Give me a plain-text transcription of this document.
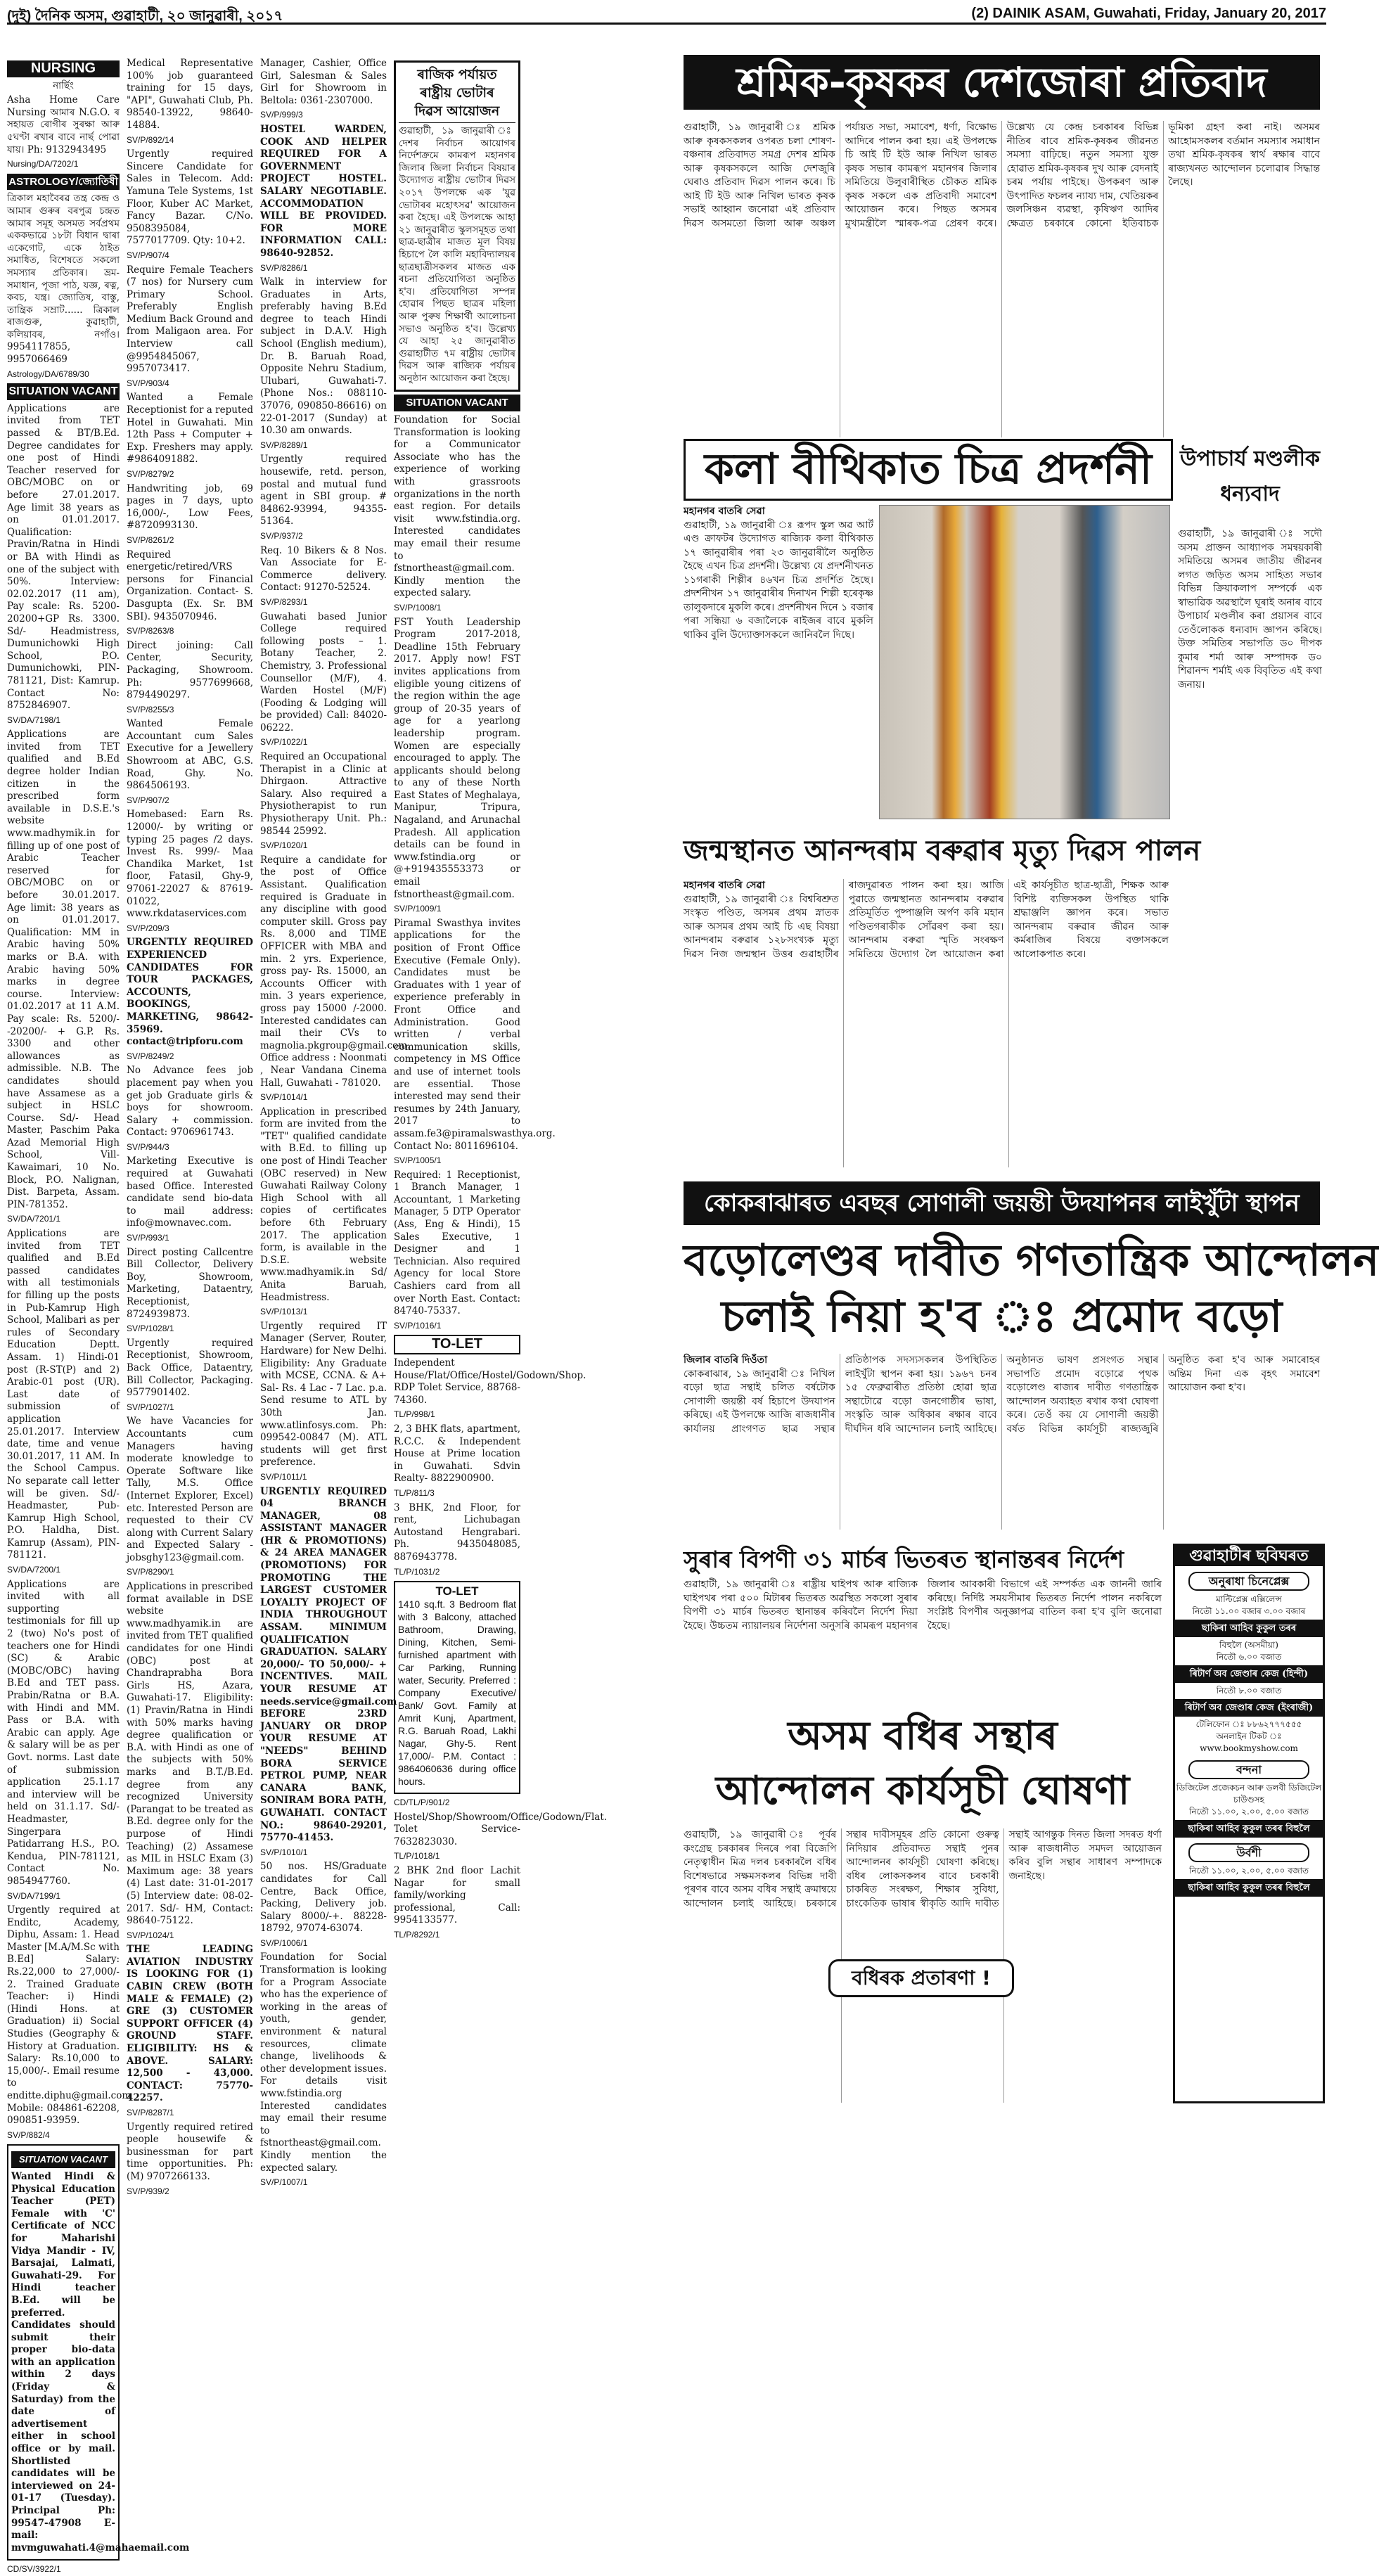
(দুই) দৈনিক অসম, গুৱাহাটী, ২০ জানুৱাৰী, ২০১৭	(2) DAINIK ASAM, Guwahati, Friday, January 20, 2017
NURSING

নাৰ্ছিং

Asha Home Care Nursing আমাৰ N.G.O. ৰ সহায়ত ৰোগীৰ সুৰক্ষা আৰু ৫ঘণ্টা ৰখাৰ বাবে নাৰ্ছ পোৱা যায়। Ph: 9132943495

Nursing/DA/7202/1

ASTROLOGY/জ্যোতিষী

ত্ৰিকাল মহাবৈৰৱ তন্ত্ৰ কেন্দ্ৰ ও আমাৰ গুৰুৰ বৰপুত্ৰ চন্দ্ৰত আমাৰ সমূহ অসমত সৰ্বপ্ৰথম এককভাৱে ১৮টা বিধান দ্বাৰা একেগোট, একে ঠাইত সমাধিত, বিশেষতে সকলো সমস্যাৰ প্ৰতিকাৰ। ভ্ৰম-সমাধান, পূজা পাঠ, যজ্ঞ, ৰত্ন, কবচ, যন্ত্ৰ। জ্যোতিষ, বাস্তু, তান্ত্ৰিক সম্ৰাট...... ত্ৰিকাল ৰাজগুৰু, কুৱাহাটী, কলিয়াবৰ, নগাঁও। 9954117855, 9957066469

Astrology/DA/6789/30

SITUATION VACANT

Applications are invited from TET passed & BT/B.Ed. Degree candidates for one post of Hindi Teacher reserved for OBC/MOBC on or before 27.01.2017. Age limit 38 years as on 01.01.2017. Qualification: Pravin/Ratna in Hindi or BA with Hindi as one of the subject with 50%. Interview: 02.02.2017 (11 am), Pay scale: Rs. 5200-20200+GP Rs. 3300. Sd/- Headmistress, Dumunichowki High School, P.O. Dumunichowki, PIN-781121, Dist: Kamrup. Contact No: 8752846907.

SV/DA/7198/1

Applications are invited from TET qualified and B.Ed degree holder Indian citizen in the prescribed form available in D.S.E.'s website www.madhymik.in for filling up of one post of Arabic Teacher reserved for OBC/MOBC on or before 30.01.2017. Age limit: 38 years as on 01.01.2017. Qualification: MM in Arabic having 50% marks or B.A. with Arabic having 50% marks in degree course. Interview: 01.02.2017 at 11 A.M. Pay scale: Rs. 5200/- -20200/- + G.P. Rs. 3300 and other allowances as admissible. N.B. The candidates should have Assamese as a subject in HSLC Course. Sd/- Head Master, Paschim Paka Azad Memorial High School, Vill- Kawaimari, 10 No. Block, P.O. Nalignan, Dist. Barpeta, Assam. PIN-781352.

SV/DA/7201/1

Applications are invited from TET qualified and B.Ed passed candidates with all testimonials for filling up the posts in Pub-Kamrup High School, Malibari as per rules of Secondary Education Deptt. Assam. 1) Hindi-01 post (R-ST(P) and 2) Arabic-01 post (UR). Last date of submission of application 25.01.2017. Interview date, time and venue 30.01.2017, 11 AM. In the School Campus. No separate call letter will be given. Sd/- Headmaster, Pub-Kamrup High School, P.O. Haldha, Dist. Kamrup (Assam), PIN-781121.

SV/DA/7200/1

Applications are invited with all supporting testimonials for fill up 2 (two) No's post of teachers one for Hindi (SC) & Arabic (MOBC/OBC) having B.Ed and TET pass. Prabin/Ratna or B.A. with Hindi and MM. Pass or B.A. with Arabic can apply. Age & salary will be as per Govt. norms. Last date of submission application 25.1.17 and interview will be held on 31.1.17. Sd/- Headmaster, Singerpara Patidarrang H.S., P.O. Kendua, PIN-781121, Contact No. 9854947760.

SV/DA/7199/1

Urgently required at Enditc, Academy, Diphu, Assam: 1. Head Master [M.A/M.Sc with B.Ed] Salary: Rs.22,000 to 27,000/- 2. Trained Graduate Teacher: i) Hindi (Hindi Hons. at Graduation) ii) Social Studies (Geography & History at Graduation. Salary: Rs.10,000 to 15,000/-. Email resume to enditte.diphu@gmail.com Mobile: 084861-62208, 090851-93959.

SV/P/882/4

SITUATION VACANT

Wanted Hindi & Physical Education Teacher (PET) Female with 'C' Certificate of NCC for Maharishi Vidya Mandir - IV, Barsajai, Lalmati, Guwahati-29. For Hindi teacher B.Ed. will be preferred. Candidates should submit their proper bio-data with an application within 2 days (Friday & Saturday) from the date of advertisement either in school office or by mail. Shortlisted candidates will be interviewed on 24-01-17 (Tuesday). Principal Ph: 99547-47908 E-mail: mvmguwahati.4@mahaemail.com

CD/SV/3922/1

Medical Representative 100% job guaranteed training for 15 days, "API", Guwahati Club, Ph. 98540-13922, 98640-14884.

SV/P/892/14

Urgently required Sincere Candidate for Sales in Telecom. Add: Yamuna Tele Systems, 1st Floor, Kuber AC Market, Fancy Bazar. C/No. 9508395084, 7577017709. Qty: 10+2.

SV/P/907/4

Require Female Teachers (7 nos) for Nursery cum Primary School. Preferably English Medium Back Ground and from Maligaon area. For Interview call @9954845067, 9957073417.

SV/P/903/4

Wanted a Female Receptionist for a reputed Hotel in Guwahati. Min 12th Pass + Computer + Exp. Freshers may apply. #9864091882.

SV/P/8279/2

Handwriting job, 69 pages in 7 days, upto 16,000/-, Low Fees, #8720993130.

SV/P/8261/2

Required energetic/retired/VRS persons for Financial Organization. Contact- S. Dasgupta (Ex. Sr. BM SBI). 9435070946.

SV/P/8263/8

Direct joining: Call Center, Security, Packaging, Showroom. Ph: 9577699668, 8794490297.

SV/P/8255/3

Wanted Female Accountant cum Sales Executive for a Jewellery Showroom at ABC, G.S. Road, Ghy. No. 9864506193.

SV/P/907/2

Homebased: Earn Rs. 12000/- by writing or typing 25 pages /2 days. Invest Rs. 999/- Maa Chandika Market, 1st floor, Fatasil, Ghy-9, 97061-22027 & 87619-01022, www.rkdataservices.com

SV/P/209/3

URGENTLY REQUIRED EXPERIENCED CANDIDATES FOR TOUR PACKAGES, ACCOUNTS, BOOKINGS, MARKETING, 98642-35969. contact@tripforu.com

SV/P/8249/2

No Advance fees job placement pay when you get job Graduate girls & boys for showroom. Salary + commission. Contact: 9706961743.

SV/P/944/3

Marketing Executive is required at Guwahati based Office. Interested candidate send bio-data to mail address: info@mownavec.com.

SV/P/993/1

Direct posting Callcentre Bill Collector, Delivery Boy, Showroom, Marketing, Dataentry, Receptionist, 8724939873.

SV/P/1028/1

Urgently required Receptionist, Showroom, Back Office, Dataentry, Bill Collector, Packaging. 9577901402.

SV/P/1027/1

We have Vacancies for Accountants cum Managers having moderate knowledge to Operate Software like Tally, M.S. Office (Internet Explorer, Excel) etc. Interested Person are requested to their CV along with Current Salary and Expected Salary - jobsghy123@gmail.com.

SV/P/8290/1

Applications in prescribed format available in DSE website www.madhyamik.in are invited from TET qualified candidates for one Hindi (OBC) post at Chandraprabha Bora Girls HS, Azara, Guwahati-17. Eligibility: (1) Pravin/Ratna in Hindi with 50% marks having degree qualification or B.A. with Hindi as one of the subjects with 50% marks and B.T./B.Ed. degree from any recognized University (Parangat to be treated as B.Ed. degree only for the purpose of Hindi Teaching) (2) Assamese as MIL in HSLC Exam (3) Maximum age: 38 years (4) Last date: 31-01-2017 (5) Interview date: 08-02-2017. Sd/- HM, Contact: 98640-75122.

SV/P/1024/1

THE LEADING AVIATION INDUSTRY IS LOOKING FOR (1) CABIN CREW (BOTH MALE & FEMALE) (2) GRE (3) CUSTOMER SUPPORT OFFICER (4) GROUND STAFF. ELIGIBILITY: HS & ABOVE. SALARY: 12,500 - 43,000. CONTACT: 75770-42257.

SV/P/8287/1

Urgently required retired people housewife & businessman for part time opportunities. Ph: (M) 9707266133.

SV/P/939/2

Manager, Cashier, Office Girl, Salesman & Sales Girl for Showroom in Beltola: 0361-2307000.

SV/P/999/3

HOSTEL WARDEN, COOK AND HELPER REQUIRED FOR A GOVERNMENT PROJECT HOSTEL. SALARY NEGOTIABLE. ACCOMMODATION WILL BE PROVIDED. FOR MORE INFORMATION CALL: 98640-92852.

SV/P/8286/1

Walk in interview for Graduates in Arts, preferably having B.Ed degree to teach Hindi subject in D.A.V. High School (English medium), Dr. B. Baruah Road, Opposite Nehru Stadium, Ulubari, Guwahati-7. (Phone Nos.: 088110-37076, 090850-86616) on 22-01-2017 (Sunday) at 10.30 am onwards.

SV/P/8289/1

Urgently required housewife, retd. person, postal and mutual fund agent in SBI group. # 84862-93994, 94355-51364.

SV/P/937/2

Req. 10 Bikers & 8 Nos. Van Associate for E-Commerce delivery. Contact: 91270-52524.

SV/P/8293/1

Guwahati based Junior College required following posts – 1. Botany Teacher, 2. Chemistry, 3. Professional Counsellor (M/F), 4. Warden Hostel (M/F) (Fooding & Lodging will be provided) Call: 84020-06222.

SV/P/1022/1

Required an Occupational Therapist in a Clinic at Dhirgaon. Attractive Salary. Also required a Physiotherapist to run Physiotherapy Unit. Ph.: 98544 25992.

SV/P/1020/1

Require a candidate for the post of Office Assistant. Qualification required is Graduate in any discipline with good computer skill. Gross pay Rs. 8,000 and TIME OFFICER with MBA and min. 2 yrs. Experience, gross pay- Rs. 15000, an Accounts Officer with min. 3 years experience, gross pay 15000 /-2000. Interested candidates can mail their CVs to magnolia.pkgroup@gmail.com. Office address : Noonmati , Near Vandana Cinema Hall, Guwahati - 781020.

SV/P/1014/1

Application in prescribed form are invited from the "TET" qualified candidate with B.Ed. to filling up one post of Hindi Teacher (OBC reserved) in New Guwahati Railway Colony High School with all copies of certificates before 6th February 2017. The application form, is available in the D.S.E. website www.madhyamik.in Sd/ Anita Baruah, Headmistress.

SV/P/1013/1

Urgently required IT Manager (Server, Router, Hardware) for New Delhi. Eligibility: Any Graduate with MCSE, CCNA. & A+ Sal- Rs. 4 Lac - 7 Lac. p.a. Send resume to ATL by 30th Jan. www.atlinfosys.com. Ph: 099542-00847 (M). ATL students will get first preference.

SV/P/1011/1

URGENTLY REQUIRED 04 BRANCH MANAGER, 08 ASSISTANT MANAGER (HR & PROMOTIONS) & 24 AREA MANAGER (PROMOTIONS) FOR PROMOTING THE LARGEST CUSTOMER LOYALTY PROJECT OF INDIA THROUGHOUT ASSAM. MINIMUM QUALIFICATION GRADUATION. SALARY 20,000/- TO 50,000/- + INCENTIVES. MAIL YOUR RESUME AT needs.service@gmail.com BEFORE 23RD JANUARY OR DROP YOUR RESUME AT "NEEDS" BEHIND BORA SERVICE PETROL PUMP, NEAR CANARA BANK, SONIRAM BORA PATH, GUWAHATI. CONTACT NO.: 98640-29201, 75770-41453.

SV/P/1010/1

50 nos. HS/Graduate candidates for Call Centre, Back Office, Packing, Delivery job. Salary 8000/-+. 88228-18792, 97074-63074.

SV/P/1006/1

Foundation for Social Transformation is looking for a Program Associate who has the experience of working in the areas of youth, gender, environment & natural resources, climate change, livelihoods & other development issues. For details visit www.fstindia.org Interested candidates may email their resume to fstnortheast@gmail.com. Kindly mention the expected salary.

SV/P/1007/1

ৰাজিক পৰ্যায়ত
ৰাষ্ট্ৰীয় ভোটাৰ
দিৱস আয়োজন

গুৱাহাটী, ১৯ জানুৱাৰী ঃ দেশৰ নিৰ্বাচন আয়োগৰ নিৰ্দেশক্ৰমে কামৰূপ মহানগৰ জিলাৰ জিলা নিৰ্বাচন বিষয়াৰ উদ্যোগত ৰাষ্ট্ৰীয় ভোটাৰ দিৱস ২০১৭ উপলক্ষে এক 'যুৱ ভোটাৰৰ মহোৎসৱ' আয়োজন কৰা হৈছে। এই উপলক্ষে আহা ২১ জানুৱাৰীত স্কুলসমূহত তথা ছাত্ৰ-ছাত্ৰীৰ মাজত মূল বিষয় হিচাপে লৈ কালি মহাবিদ্যালয়ৰ ছাত্ৰছাত্ৰীসকলৰ মাজত এক ৰচনা প্ৰতিযোগিতা অনুষ্ঠিত হ'ব। প্ৰতিযোগিতা সম্পন্ন হোৱাৰ পিছত ছাত্ৰৰ মহিলা আৰু পুৰুষ শিক্ষাৰ্থী আলোচনা সভাও অনুষ্ঠিত হ'ব। উল্লেখ্য যে আহা ২৫ জানুৱাৰীত গুৱাহাটীত ৭ম ৰাষ্ট্ৰীয় ভোটাৰ দিৱস আৰু ৰাজ্যিক পৰ্যায়ৰ অনুষ্ঠান আয়োজন কৰা হৈছে।

SITUATION VACANT

Foundation for Social Transformation is looking for a Communicator Associate who has the experience of working with grassroots organizations in the north east region. For details visit www.fstindia.org. Interested candidates may email their resume to fstnortheast@gmail.com. Kindly mention the expected salary.

SV/P/1008/1

FST Youth Leadership Program 2017-2018, Deadline 15th February 2017. Apply now! FST invites applications from eligible young citizens of the region within the age group of 20-35 years of age for a yearlong leadership program. Women are especially encouraged to apply. The applicants should belong to any of these North East States of Meghalaya, Manipur, Tripura, Nagaland, and Arunachal Pradesh. All application details can be found in www.fstindia.org or @+919435553373 or email fstnortheast@gmail.com.

SV/P/1009/1

Piramal Swasthya invites applications for the position of Front Office Executive (Female Only). Candidates must be Graduates with 1 year of experience preferably in Front Office and Administration. Good written / verbal communication skills, competency in MS Office and use of internet tools are essential. Those interested may send their resumes by 24th January, 2017 to assam.fe3@piramalswasthya.org. Contact No: 8011696104.

SV/P/1005/1

Required: 1 Receptionist, 1 Branch Manager, 1 Accountant, 1 Marketing Manager, 5 DTP Operator (Ass, Eng & Hindi), 15 Sales Executive, 1 Designer and 1 Technician. Also required Agency for local Store Cashiers card from all over North East. Contact: 84740-75337.

SV/P/1016/1

TO-LET

Independent House/Flat/Office/Hostel/Godown/Shop. RDP Tolet Service, 88768-74360.

TL/P/998/1

2, 3 BHK flats, apartment, R.C.C. & Independent House at Prime location in Guwahati. Sdvin Realty- 8822900900.

TL/P/811/3

3 BHK, 2nd Floor, for rent, Lichubagan Autostand Hengrabari. Ph. 9435048085, 8876943778.

TL/P/1031/2

TO-LET

1410 sq.ft. 3 Bedroom flat with 3 Balcony, attached Bathroom, Drawing, Dining, Kitchen, Semi-furnished apartment with Car Parking, Running water, Security. Preferred : Company Executive/ Bank/ Govt. Family at Amrit Kunj, Apartment, R.G. Baruah Road, Lakhi Nagar, Ghy-5. Rent 17,000/- P.M. Contact : 9864060636 during office hours.

CD/TL/P/901/2

Hostel/Shop/Showroom/Office/Godown/Flat. Tolet Service-7632823030.

TL/P/1018/1

2 BHK 2nd floor Lachit Nagar for small family/working professional, Call: 9954133577.

TL/P/8292/1

শ্ৰমিক-কৃষকৰ দেশজোৰা প্ৰতিবাদ
গুৱাহাটী, ১৯ জানুৱাৰী ঃ শ্ৰমিক আৰু কৃষকসকলৰ ওপৰত চলা শোষণ-বঞ্চনাৰ প্ৰতিবাদত সমগ্ৰ দেশৰ শ্ৰমিক আৰু কৃষকসকলে আজি দেশজুৰি ঘেৰাও প্ৰতিবাদ দিৱস পালন কৰে। চি আই টি ইউ আৰু নিখিল ভাৰত কৃষক সভাই আহ্বান জনোৱা এই প্ৰতিবাদ দিৱস অসমতো জিলা আৰু অঞ্চল পৰ্যায়ত সভা, সমাবেশ, ধৰ্ণা, বিক্ষোভ আদিৰে পালন কৰা হয়। এই উপলক্ষে চি আই টি ইউ আৰু নিখিল ভাৰত কৃষক সভাৰ কামৰূপ মহানগৰ জিলাৰ সমিতিয়ে উলুবাৰীস্থিত চৌকত শ্ৰমিক কৃষক সকলে এক প্ৰতিবাদী সমাবেশ আয়োজন কৰে। পিছত অসমৰ মুখ্যমন্ত্ৰীলৈ স্মাৰক-পত্ৰ প্ৰেৰণ কৰে। উল্লেখ্য যে কেন্দ্ৰ চৰকাৰৰ বিভিন্ন নীতিৰ বাবে শ্ৰমিক-কৃষকৰ জীৱনত সমস্যা বাঢ়িছে। নতুন সমস্যা যুক্ত হোৱাত শ্ৰমিক-কৃষকৰ দুখ আৰু বেদনাই চৰম পৰ্যায় পাইছে। উপকৰণ আৰু উৎপাদিত ফচলৰ ন্যায্য দাম, খেতিয়কৰ জলসিঞ্চন ব্যৱস্থা, কৃষিঋণ আদিৰ ক্ষেত্ৰত চৰকাৰে কোনো ইতিবাচক ভূমিকা গ্ৰহণ কৰা নাই। অসমৰ আহোমসকলৰ বৰ্তমান সমস্যাৰ সমাধান তথা শ্ৰমিক-কৃষকৰ স্বাৰ্থ ৰক্ষাৰ বাবে ৰাজ্যখনত আন্দোলন চলোৱাৰ সিদ্ধান্ত লৈছে।
কলা বীথিকাত চিত্ৰ প্ৰদৰ্শনী
মহানগৰ বাতৰি সেৱা
গুৱাহাটী, ১৯ জানুৱাৰী ঃ রূপদ স্কুল অৱ আৰ্ট এণ্ড ক্ৰাফটৰ উদ্যোগত ৰাজ্যিক কলা বীথিকাত ১৭ জানুৱাৰীৰ পৰা ২৩ জানুৱাৰীলৈ অনুষ্ঠিত হৈছে এখন চিত্ৰ প্ৰদৰ্শনী। উল্লেখ্য যে প্ৰদৰ্শনীখনত ১১গৰাকী শিল্পীৰ ৪৬খন চিত্ৰ প্ৰদৰ্শিত হৈছে। প্ৰদৰ্শনীখন ১৭ জানুৱাৰীৰ দিনাখন শিল্পী হৰেকৃষ্ণ তালুকদাৰে মুকলি কৰে। প্ৰদৰ্শনীখন দিনে ১ বজাৰ পৰা সন্ধিয়া ৬ বজালৈকে ৰাইজৰ বাবে মুকলি থাকিব বুলি উদ্যোক্তাসকলে জানিবলৈ দিছে।
উপাচাৰ্য মণ্ডলীক ধন্যবাদ
গুৱাহাটী, ১৯ জানুৱাৰী ঃ সদৌ অসম প্ৰাক্তন আধ্যাপক সমন্বয়কাৰী সমিতিয়ে অসমৰ জাতীয় জীৱনৰ লগত জড়িত অসম সাহিত্য সভাৰ বিভিন্ন ক্ৰিয়াকলাপ সম্পৰ্কে এক স্বাভাৱিক অৱস্থালৈ ঘূৰাই অনাৰ বাবে উপাচাৰ্য মণ্ডলীৰ কৰা প্ৰয়াসৰ বাবে তেওঁলোকক ধন্যবাদ জ্ঞাপন কৰিছে। উক্ত সমিতিৰ সভাপতি ড০ দীপক কুমাৰ শৰ্মা আৰু সম্পাদক ড০ শিৱানন্দ শৰ্মাই এক বিবৃতিত এই কথা জনায়।
জন্মস্থানত আনন্দৰাম বৰুৱাৰ মৃত্যু দিৱস পালন
মহানগৰ বাতৰি সেৱা
গুৱাহাটী, ১৯ জানুৱাৰী ঃ বিশ্বৰিশ্ৰুত সংস্কৃত পণ্ডিত, অসমৰ প্ৰথম স্নাতক আৰু অসমৰ প্ৰথম আই চি এছ বিষয়া আনন্দৰাম বৰুৱাৰ ১২৮সংখ্যক মৃত্যু দিৱস নিজ জন্মস্থান উত্তৰ গুৱাহাটীৰ ৰাজদুৱাৰত পালন কৰা হয়। আজি পুৱাতে জন্মস্থানত আনন্দৰাম বৰুৱাৰ প্ৰতিমূৰ্তিত পুষ্পাঞ্জলি অৰ্পণ কৰি মহান পণ্ডিতগৰাকীক সোঁৱৰণ কৰা হয়। আনন্দৰাম বৰুৱা স্মৃতি সংৰক্ষণ সমিতিয়ে উদ্যোগ লৈ আয়োজন কৰা এই কাৰ্যসূচীত ছাত্ৰ-ছাত্ৰী, শিক্ষক আৰু বিশিষ্ট ব্যক্তিসকল উপস্থিত থাকি শ্ৰদ্ধাঞ্জলি জ্ঞাপন কৰে। সভাত আনন্দৰাম বৰুৱাৰ জীৱন আৰু কৰ্মৰাজিৰ বিষয়ে বক্তাসকলে আলোকপাত কৰে।
কোকৰাঝাৰত এবছৰ সোণালী জয়ন্তী উদযাপনৰ লাইখুঁটা স্থাপন
বড়োলেণ্ডৰ দাবীত গণতান্ত্ৰিক আন্দোলন
চলাই নিয়া হ'ব ঃ প্ৰমোদ বড়ো
জিলাৰ বাতৰি দিওঁতা
কোকৰাঝাৰ, ১৯ জানুৱাৰী ঃ নিখিল বড়ো ছাত্ৰ সন্থাই চলিত বৰ্ষটোক সোণালী জয়ন্তী বৰ্ষ হিচাপে উদযাপন কৰিছে। এই উপলক্ষে আজি ৰাজধানীৰ কাৰ্যালয় প্ৰাংগণত ছাত্ৰ সন্থাৰ প্ৰতিষ্ঠাপক সদস্যসকলৰ উপস্থিতিত লাইখুঁটা স্থাপন কৰা হয়। ১৯৬৭ চনৰ ১৫ ফেব্ৰুৱাৰীত প্ৰতিষ্ঠা হোৱা ছাত্ৰ সন্থাটোৱে বড়ো জনগোষ্ঠীৰ ভাষা, সংস্কৃতি আৰু অধিকাৰ ৰক্ষাৰ বাবে দীৰ্ঘদিন ধৰি আন্দোলন চলাই আহিছে। অনুষ্ঠানত ভাষণ প্ৰসংগত সন্থাৰ সভাপতি প্ৰমোদ বড়োৱে পৃথক বড়োলেণ্ড ৰাজ্যৰ দাবীত গণতান্ত্ৰিক আন্দোলন অব্যাহত ৰখাৰ কথা ঘোষণা কৰে। তেওঁ কয় যে সোণালী জয়ন্তী বৰ্ষত বিভিন্ন কাৰ্যসূচী ৰাজ্যজুৰি অনুষ্ঠিত কৰা হ'ব আৰু সমাৰোহৰ অন্তিম দিনা এক বৃহৎ সমাবেশ আয়োজন কৰা হ'ব।
সুৰাৰ বিপণী ৩১ মাৰ্চৰ ভিতৰত স্থানান্তৰৰ নিৰ্দেশ
গুৱাহাটী, ১৯ জানুৱাৰী ঃ ৰাষ্ট্ৰীয় ঘাইপথ আৰু ৰাজ্যিক ঘাইপথৰ পৰা ৫০০ মিটাৰৰ ভিতৰত অৱস্থিত সকলো সুৰাৰ বিপণী ৩১ মাৰ্চৰ ভিতৰত স্থানান্তৰ কৰিবলৈ নিৰ্দেশ দিয়া হৈছে। উচ্চতম ন্যায়ালয়ৰ নিৰ্দেশনা অনুসৰি কামৰূপ মহানগৰ জিলাৰ আবকাৰী বিভাগে এই সম্পৰ্কত এক জাননী জাৰি কৰিছে। নিৰ্দিষ্ট সময়সীমাৰ ভিতৰত নিৰ্দেশ পালন নকৰিলে সংশ্লিষ্ট বিপণীৰ অনুজ্ঞাপত্ৰ বাতিল কৰা হ'ব বুলি জনোৱা হৈছে।
অসম বধিৰ সন্থাৰ
আন্দোলন কাৰ্যসূচী ঘোষণা
গুৱাহাটী, ১৯ জানুৱাৰী ঃ পূৰ্বৰ কংগ্ৰেছ চৰকাৰৰ দিনৰে পৰা বিজেপি নেতৃত্বাধীন মিত্ৰ দলৰ চৰকাৰলৈ বধিৰ বিশেষভাৱে সক্ষমসকলৰ বিভিন্ন দাবী পূৰণৰ বাবে অসম বধিৰ সন্থাই ক্ৰমান্বয়ে আন্দোলন চলাই আহিছে। চৰকাৰে সন্থাৰ দাবীসমূহৰ প্ৰতি কোনো গুৰুত্ব নিদিয়াৰ প্ৰতিবাদত সন্থাই পুনৰ আন্দোলনৰ কাৰ্যসূচী ঘোষণা কৰিছে। বধিৰ লোকসকলৰ বাবে চৰকাৰী চাকৰিত সংৰক্ষণ, শিক্ষাৰ সুবিধা, চাংকেতিক ভাষাৰ স্বীকৃতি আদি দাবীত সন্থাই আগন্তুক দিনত জিলা সদৰত ধৰ্ণা আৰু ৰাজধানীত সমদল আয়োজন কৰিব বুলি সন্থাৰ সাধাৰণ সম্পাদকে জনাইছে।
বধিৰক প্ৰতাৰণা !
গুৱাহাটীৰ ছবিঘৰত
অনুৰাধা চিনেপ্লেক্স
মাল্টিপ্লেক্স এক্সিলেন্স
নিতৌ ১১.০০ বজাৰ ৩.০০ বজাৰ
ছাকিৰা আহিব কুকুল তৰৰ
বিহুলৈ (অসমীয়া)
নিতৌ ৬.০০ বজাত
ৰিটাৰ্ণ অব জেণ্ডাৰ কেজ (হিন্দী)
নিতৌ ৮.০০ বজাত
ৰিটাৰ্ণ অব জেণ্ডাৰ কেজ (ইংৰাজী)
টেলিফোন ঃ ৮৮৬২৭৭৭৫৫৫
অনলাইন টিকট ঃ
www.bookmyshow.com
বন্দনা
ডিজিটেল প্ৰজেকচন আৰু ডলবী ডিজিটেল চাউণ্ডসহ
নিতৌ ১১.০০, ২.০০, ৫.০০ বজাত
ছাকিৰা আহিব কুকুল তৰৰ বিহুলৈ
উৰ্বশী
নিতৌ ১১.০০, ২.০০, ৫.০০ বজাত
ছাকিৰা আহিব কুকুল তৰৰ বিহুলৈ
